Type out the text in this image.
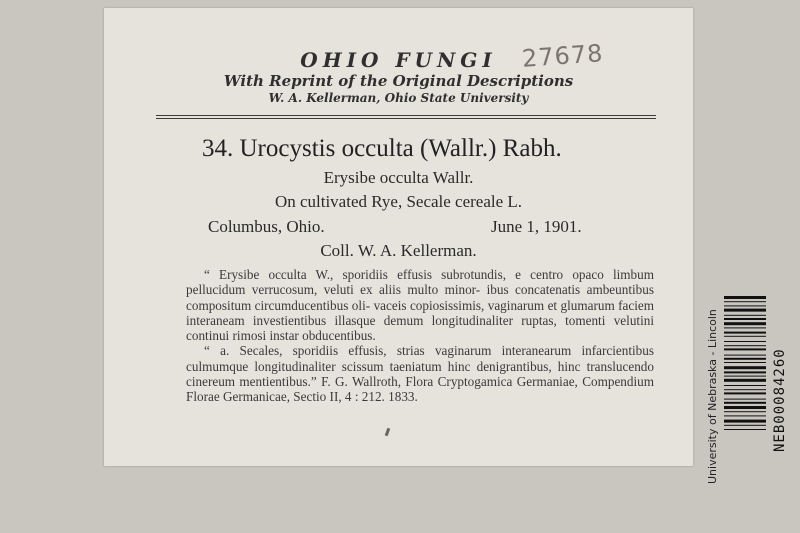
OHIO FUNGI	27678
With Reprint of the Original Descriptions
W. A. Kellerman, Ohio State University
34. Urocystis occulta (Wallr.) Rabh.
Erysibe occulta Wallr.
On cultivated Rye, Secale cereale L.
Columbus, Ohio.	June 1, 1901.
Coll. W. A. Kellerman.

“ Erysibe occulta W., sporidiis effusis subrotundis, e centro opaco limbum pellucidum verrucosum, veluti ex aliis multo minor- ibus concatenatis ambeuntibus compositum circumducentibus oli- vaceis copiosissimis, vaginarum et glumarum faciem interaneam investientibus illasque demum longitudinaliter ruptas, tomenti velutini continui rimosi instar obducentibus.

“ a. Secales, sporidiis effusis, strias vaginarum interanearum infarcientibus culmumque longitudinaliter scissum taeniatum hinc denigrantibus, hinc translucendo cinereum mentientibus.” F. G. Wallroth, Flora Cryptogamica Germaniae, Compendium Florae Germanicae, Sectio II, 4 : 212. 1833.	University of Nebraska - Lincoln	NEB00084260
